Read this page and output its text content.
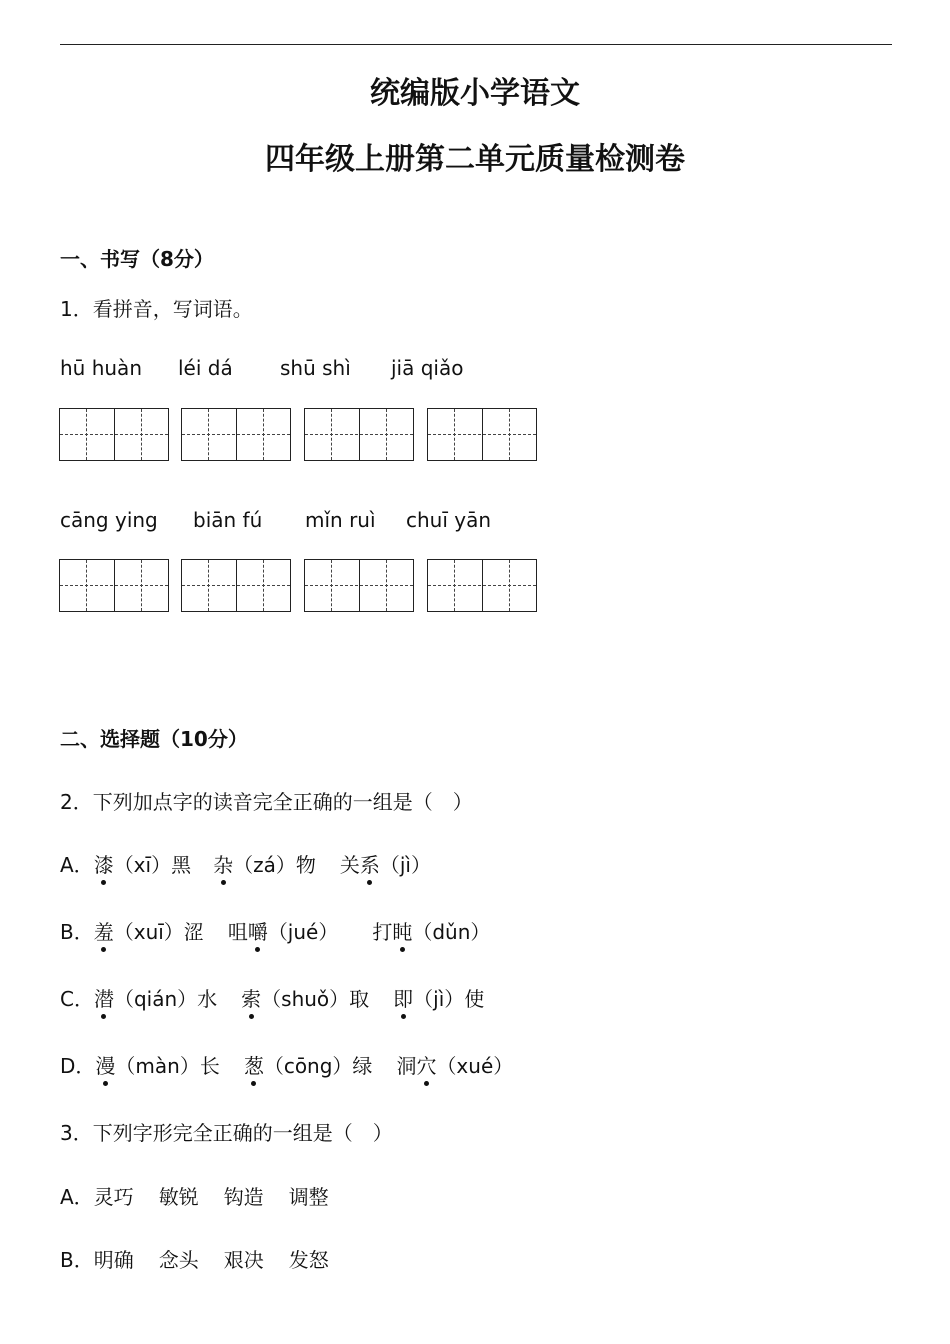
统编版小学语文
四年级上册第二单元质量检测卷
一、书写（8分）
1．看拼音，写词语。
hū huàn léi dá shū shì jiā qiǎo
cāng ying biān fú mǐn ruì chuī yān
二、选择题（10分）
2．下列加点字的读音完全正确的一组是（　）
A．漆（xī）黑 杂（zá）物 关系（jì）
B．羞（xuī）涩 咀嚼（jué） 打盹（dǔn）
C．潜（qián）水 索（shuǒ）取 即（jì）使
D．漫（màn）长 葱（cōng）绿 洞穴（xué）
3．下列字形完全正确的一组是（　）
A．灵巧 敏锐 钩造 调整
B．明确 念头 艰决 发怒
